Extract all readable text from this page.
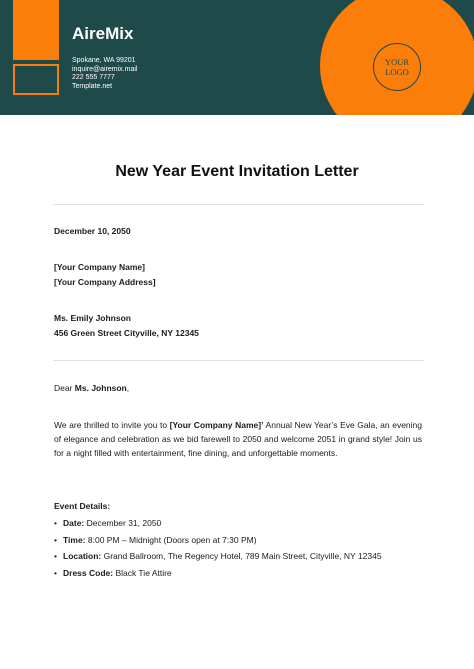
AireMix
Spokane, WA 99201
inquire@airemix.mail
222 555 7777
Template.net
YOUR
LOGO
New Year Event Invitation Letter
December 10, 2050
[Your Company Name]
[Your Company Address]
Ms. Emily Johnson
456 Green Street Cityville, NY 12345
Dear Ms. Johnson,
We are thrilled to invite you to [Your Company Name]’ Annual New Year’s Eve Gala, an evening of elegance and celebration as we bid farewell to 2050 and welcome 2051 in grand style! Join us for a night filled with entertainment, fine dining, and unforgettable moments.
Event Details:
• Date: December 31, 2050
• Time: 8:00 PM – Midnight (Doors open at 7:30 PM)
• Location: Grand Ballroom, The Regency Hotel, 789 Main Street, Cityville, NY 12345
• Dress Code: Black Tie Attire
